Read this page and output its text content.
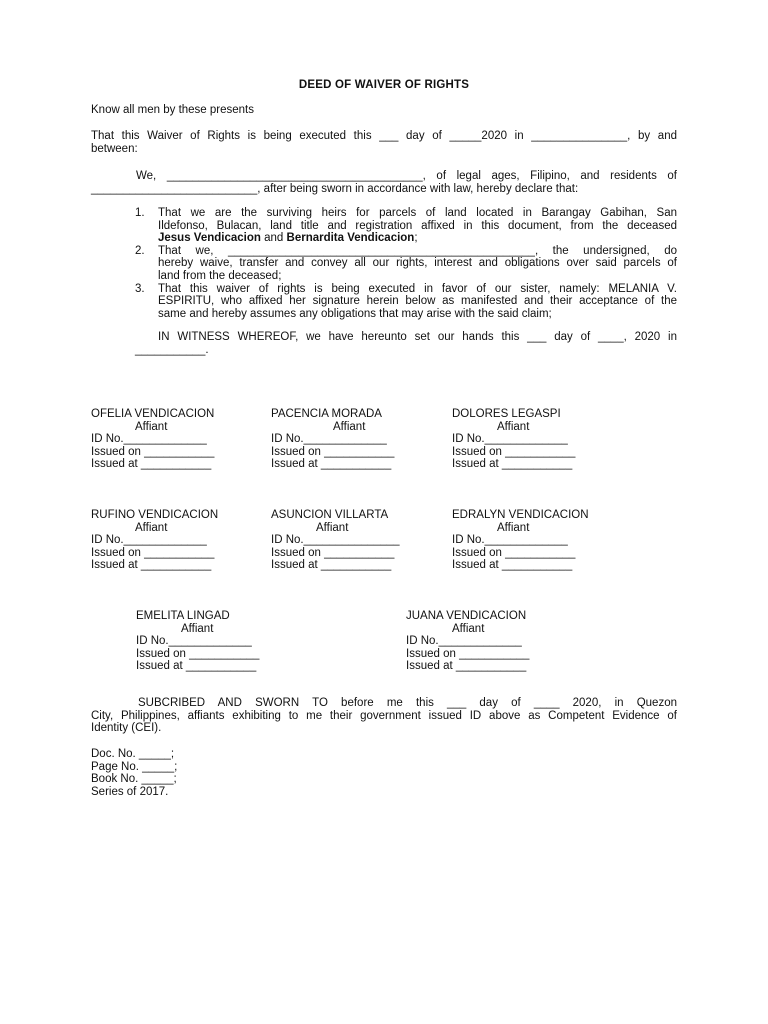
DEED OF WAIVER OF RIGHTS
Know all men by these presents
That this Waiver of Rights is being executed this ___ day of _____2020 in _______________, by and
between:
We, ________________________________________, of legal ages, Filipino, and residents of
__________________________, after being sworn in accordance with law, hereby declare that:
1. That we are the surviving heirs for parcels of land located in Barangay Gabihan, San
Ildefonso, Bulacan, land title and registration affixed in this document, from the deceased
Jesus Vendicacion and Bernardita Vendicacion;
2. That we, ________________________________________________, the undersigned, do
hereby waive, transfer and convey all our rights, interest and obligations over said parcels of
land from the deceased;
3. That this waiver of rights is being executed in favor of our sister, namely: MELANIA V.
ESPIRITU, who affixed her signature herein below as manifested and their acceptance of the
same and hereby assumes any obligations that may arise with the said claim;
IN WITNESS WHEREOF, we have hereunto set our hands this ___ day of ____, 2020 in
___________.
OFELIA VENDICACION
Affiant
ID No._____________
Issued on ___________
Issued at ___________
PACENCIA MORADA
Affiant
ID No._____________
Issued on ___________
Issued at ___________
DOLORES LEGASPI
Affiant
ID No._____________
Issued on ___________
Issued at ___________
RUFINO VENDICACION
Affiant
ID No._____________
Issued on ___________
Issued at ___________
ASUNCION VILLARTA
Affiant
ID No._______________
Issued on ___________
Issued at ___________
EDRALYN VENDICACION
Affiant
ID No._____________
Issued on ___________
Issued at ___________
EMELITA LINGAD
Affiant
ID No._____________
Issued on ___________
Issued at ___________
JUANA VENDICACION
Affiant
ID No._____________
Issued on ___________
Issued at ___________
SUBCRIBED AND SWORN TO before me this ___ day of ____ 2020, in Quezon
City, Philippines, affiants exhibiting to me their government issued ID above as Competent Evidence of
Identity (CEI).
Doc. No. _____;
Page No. _____;
Book No. _____;
Series of 2017.
